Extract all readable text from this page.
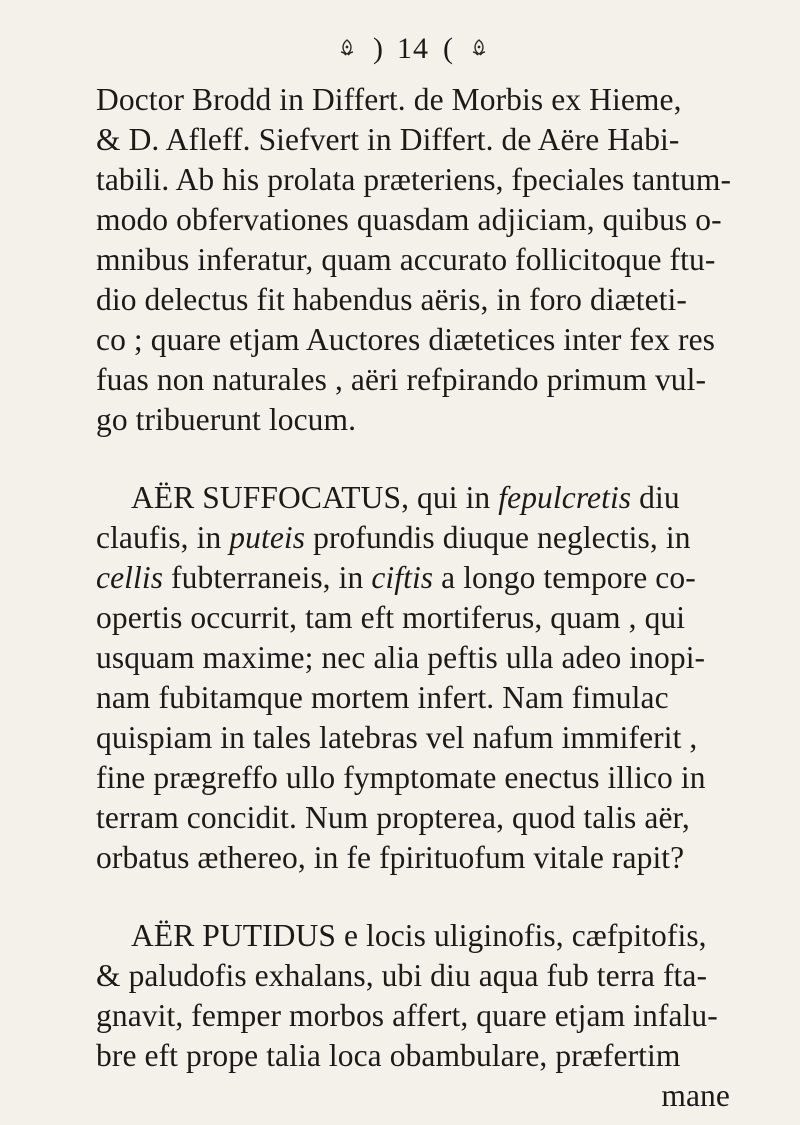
) 14 (
Doctor Brodd in Differt. de Morbis ex Hieme,
& D. Afleff. Siefvert in Differt. de Aëre Habi-
tabili. Ab his prolata prӕteriens, fpeciales tantum-
modo obfervationes quasdam adjiciam, quibus o-
mnibus inferatur, quam accurato follicitoque ftu-
dio delectus fit habendus aëris, in foro diӕteti-
co ; quare etjam Auctores diӕtetices inter fex res
fuas non naturales , aëri refpirando primum vul-
go tribuerunt locum.
AËR SUFFOCATUS, qui in fepulcretis diu
claufis, in puteis profundis diuque neglectis, in
cellis fubterraneis, in ciftis a longo tempore co-
opertis occurrit, tam eft mortiferus, quam , qui
usquam maxime; nec alia peftis ulla adeo inopi-
nam fubitamque mortem infert. Nam fimulac
quispiam in tales latebras vel nafum immiferit ,
fine prӕgreffo ullo fymptomate enectus illico in
terram concidit. Num propterea, quod talis aër,
orbatus ӕthereo, in fe fpirituofum vitale rapit?
AËR PUTIDUS e locis uliginofis, cӕfpitofis,
& paludofis exhalans, ubi diu aqua fub terra fta-
gnavit, femper morbos affert, quare etjam infalu-
bre eft prope talia loca obambulare, prӕfertim
mane
